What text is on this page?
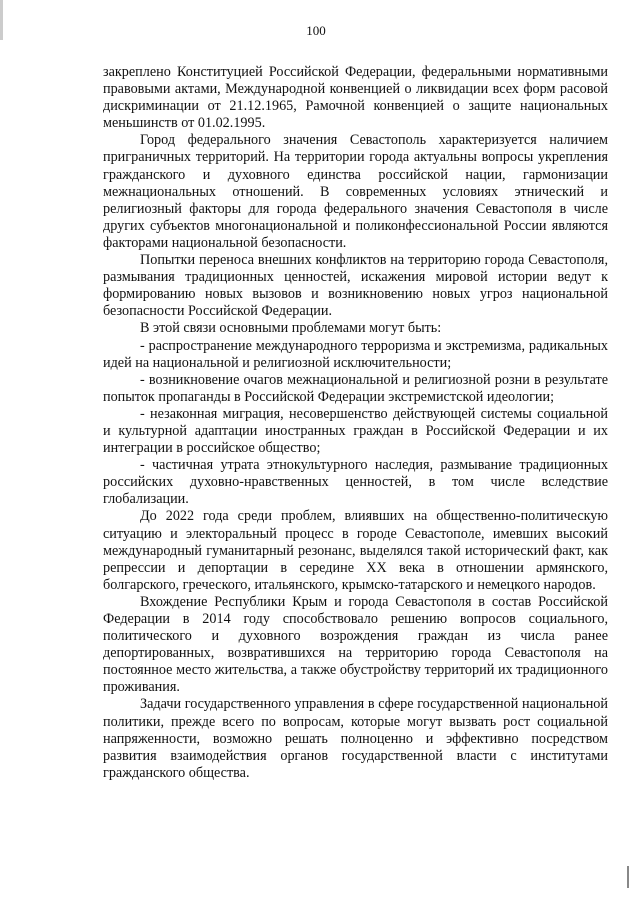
100

закреплено Конституцией Российской Федерации, федеральными нормативными правовыми актами, Международной конвенцией о ликвидации всех форм расовой дискриминации от 21.12.1965, Рамочной конвенцией о защите национальных меньшинств от 01.02.1995.

Город федерального значения Севастополь характеризуется наличием приграничных территорий. На территории города актуальны вопросы укрепления гражданского и духовного единства российской нации, гармонизации межнациональных отношений. В современных условиях этнический и религиозный факторы для города федерального значения Севастополя в числе других субъектов многонациональной и поликонфессиональной России являются факторами национальной безопасности.

Попытки переноса внешних конфликтов на территорию города Севастополя, размывания традиционных ценностей, искажения мировой истории ведут к формированию новых вызовов и возникновению новых угроз национальной безопасности Российской Федерации.

В этой связи основными проблемами могут быть:

- распространение международного терроризма и экстремизма, радикальных идей на национальной и религиозной исключительности;

- возникновение очагов межнациональной и религиозной розни в результате попыток пропаганды в Российской Федерации экстремистской идеологии;

- незаконная миграция, несовершенство действующей системы социальной и культурной адаптации иностранных граждан в Российской Федерации и их интеграции в российское общество;

- частичная утрата этнокультурного наследия, размывание традиционных российских духовно-нравственных ценностей, в том числе вследствие глобализации.

До 2022 года среди проблем, влиявших на общественно-политическую ситуацию и электоральный процесс в городе Севастополе, имевших высокий международный гуманитарный резонанс, выделялся такой исторический факт, как репрессии и депортации в середине XX века в отношении армянского, болгарского, греческого, итальянского, крымско-татарского и немецкого народов.

Вхождение Республики Крым и города Севастополя в состав Российской Федерации в 2014 году способствовало решению вопросов социального, политического и духовного возрождения граждан из числа ранее депортированных, возвратившихся на территорию города Севастополя на постоянное место жительства, а также обустройству территорий их традиционного проживания.

Задачи государственного управления в сфере государственной национальной политики, прежде всего по вопросам, которые могут вызвать рост социальной напряженности, возможно решать полноценно и эффективно посредством развития взаимодействия органов государственной власти с институтами гражданского общества.
